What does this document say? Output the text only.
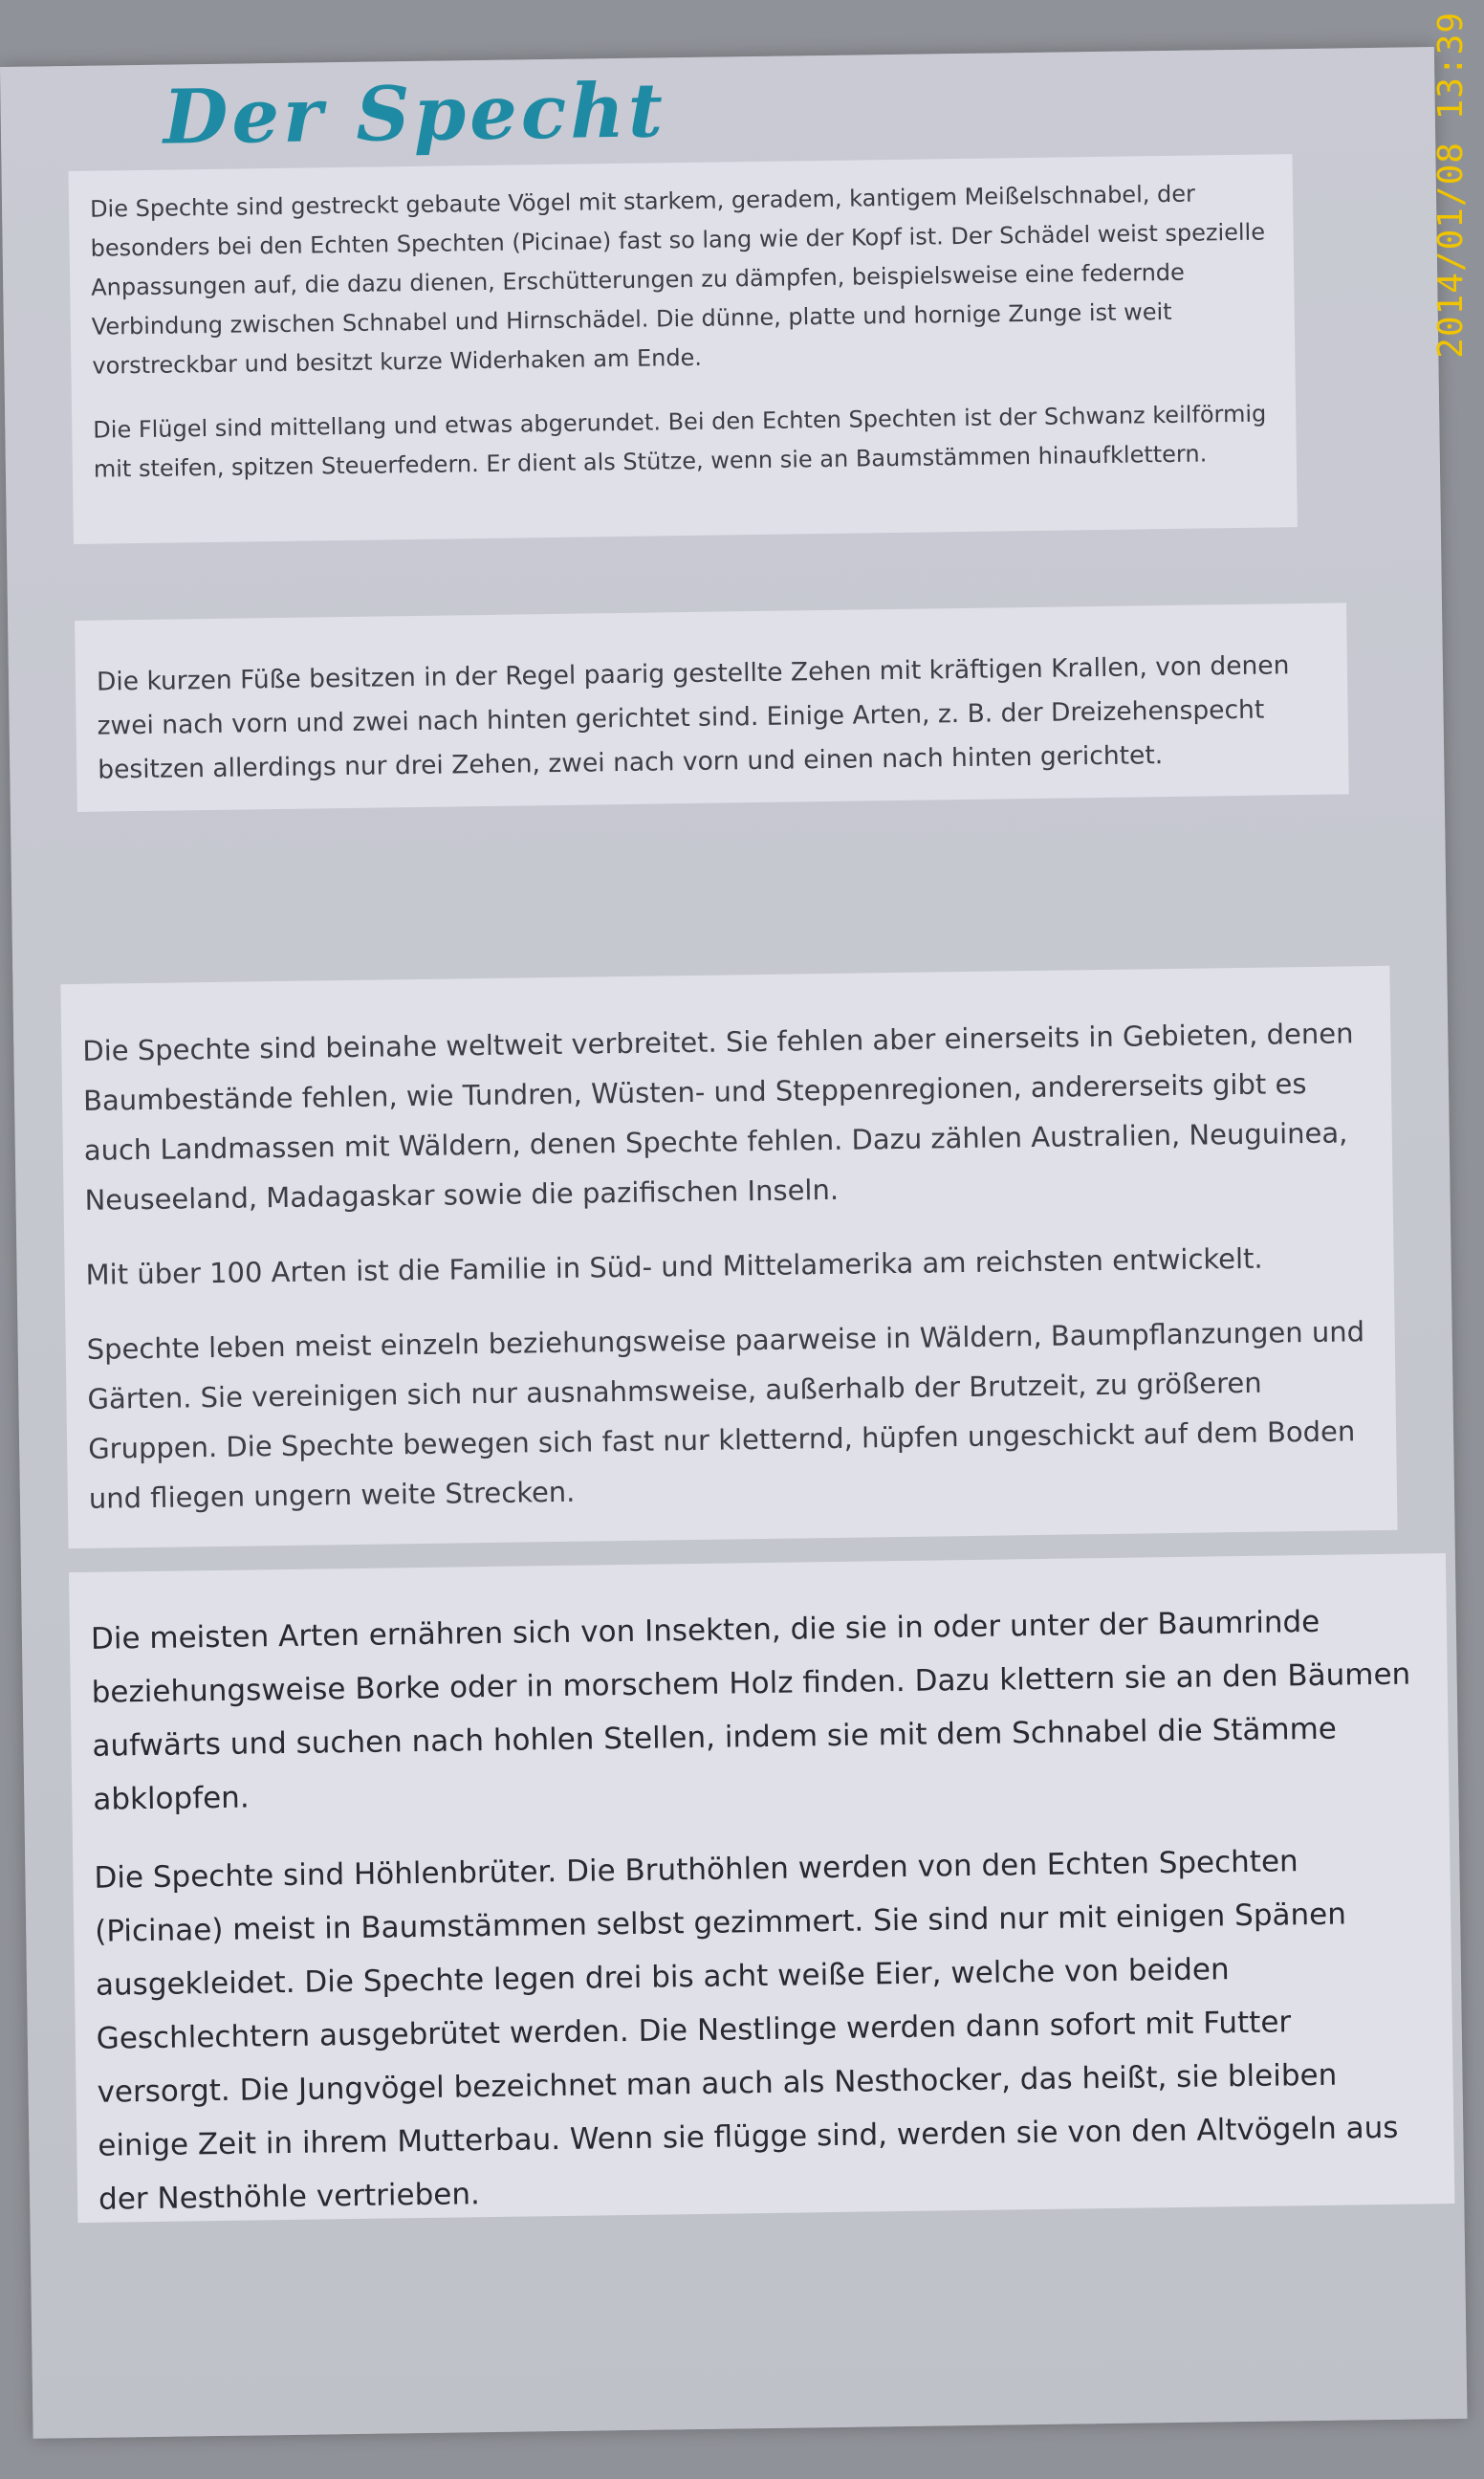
Der Specht

Die Spechte sind gestreckt gebaute Vögel mit starkem, geradem, kantigem Meißelschnabel, der besonders bei den Echten Spechten (Picinae) fast so lang wie der Kopf ist. Der Schädel weist spezielle Anpassungen auf, die dazu dienen, Erschütterungen zu dämpfen, beispielsweise eine federnde Verbindung zwischen Schnabel und Hirnschädel. Die dünne, platte und hornige Zunge ist weit vorstreckbar und besitzt kurze Widerhaken am Ende.

Die Flügel sind mittellang und etwas abgerundet. Bei den Echten Spechten ist der Schwanz keilförmig mit steifen, spitzen Steuerfedern. Er dient als Stütze, wenn sie an Baumstämmen hinaufklettern.

Die kurzen Füße besitzen in der Regel paarig gestellte Zehen mit kräftigen Krallen, von denen zwei nach vorn und zwei nach hinten gerichtet sind. Einige Arten, z. B. der Dreizehenspecht besitzen allerdings nur drei Zehen, zwei nach vorn und einen nach hinten gerichtet.

Die Spechte sind beinahe weltweit verbreitet. Sie fehlen aber einerseits in Gebieten, denen Baumbestände fehlen, wie Tundren, Wüsten- und Steppenregionen, andererseits gibt es auch Landmassen mit Wäldern, denen Spechte fehlen. Dazu zählen Australien, Neuguinea, Neuseeland, Madagaskar sowie die pazifischen Inseln.

Mit über 100 Arten ist die Familie in Süd- und Mittelamerika am reichsten entwickelt.

Spechte leben meist einzeln beziehungsweise paarweise in Wäldern, Baumpflanzungen und Gärten. Sie vereinigen sich nur ausnahmsweise, außerhalb der Brutzeit, zu größeren Gruppen. Die Spechte bewegen sich fast nur kletternd, hüpfen ungeschickt auf dem Boden und fliegen ungern weite Strecken.

Die meisten Arten ernähren sich von Insekten, die sie in oder unter der Baumrinde beziehungsweise Borke oder in morschem Holz finden. Dazu klettern sie an den Bäumen aufwärts und suchen nach hohlen Stellen, indem sie mit dem Schnabel die Stämme abklopfen.

Die Spechte sind Höhlenbrüter. Die Bruthöhlen werden von den Echten Spechten (Picinae) meist in Baumstämmen selbst gezimmert. Sie sind nur mit einigen Spänen ausgekleidet. Die Spechte legen drei bis acht weiße Eier, welche von beiden Geschlechtern ausgebrütet werden. Die Nestlinge werden dann sofort mit Futter versorgt. Die Jungvögel bezeichnet man auch als Nesthocker, das heißt, sie bleiben einige Zeit in ihrem Mutterbau. Wenn sie flügge sind, werden sie von den Altvögeln aus der Nesthöhle vertrieben.

2014/01/08 13:39
